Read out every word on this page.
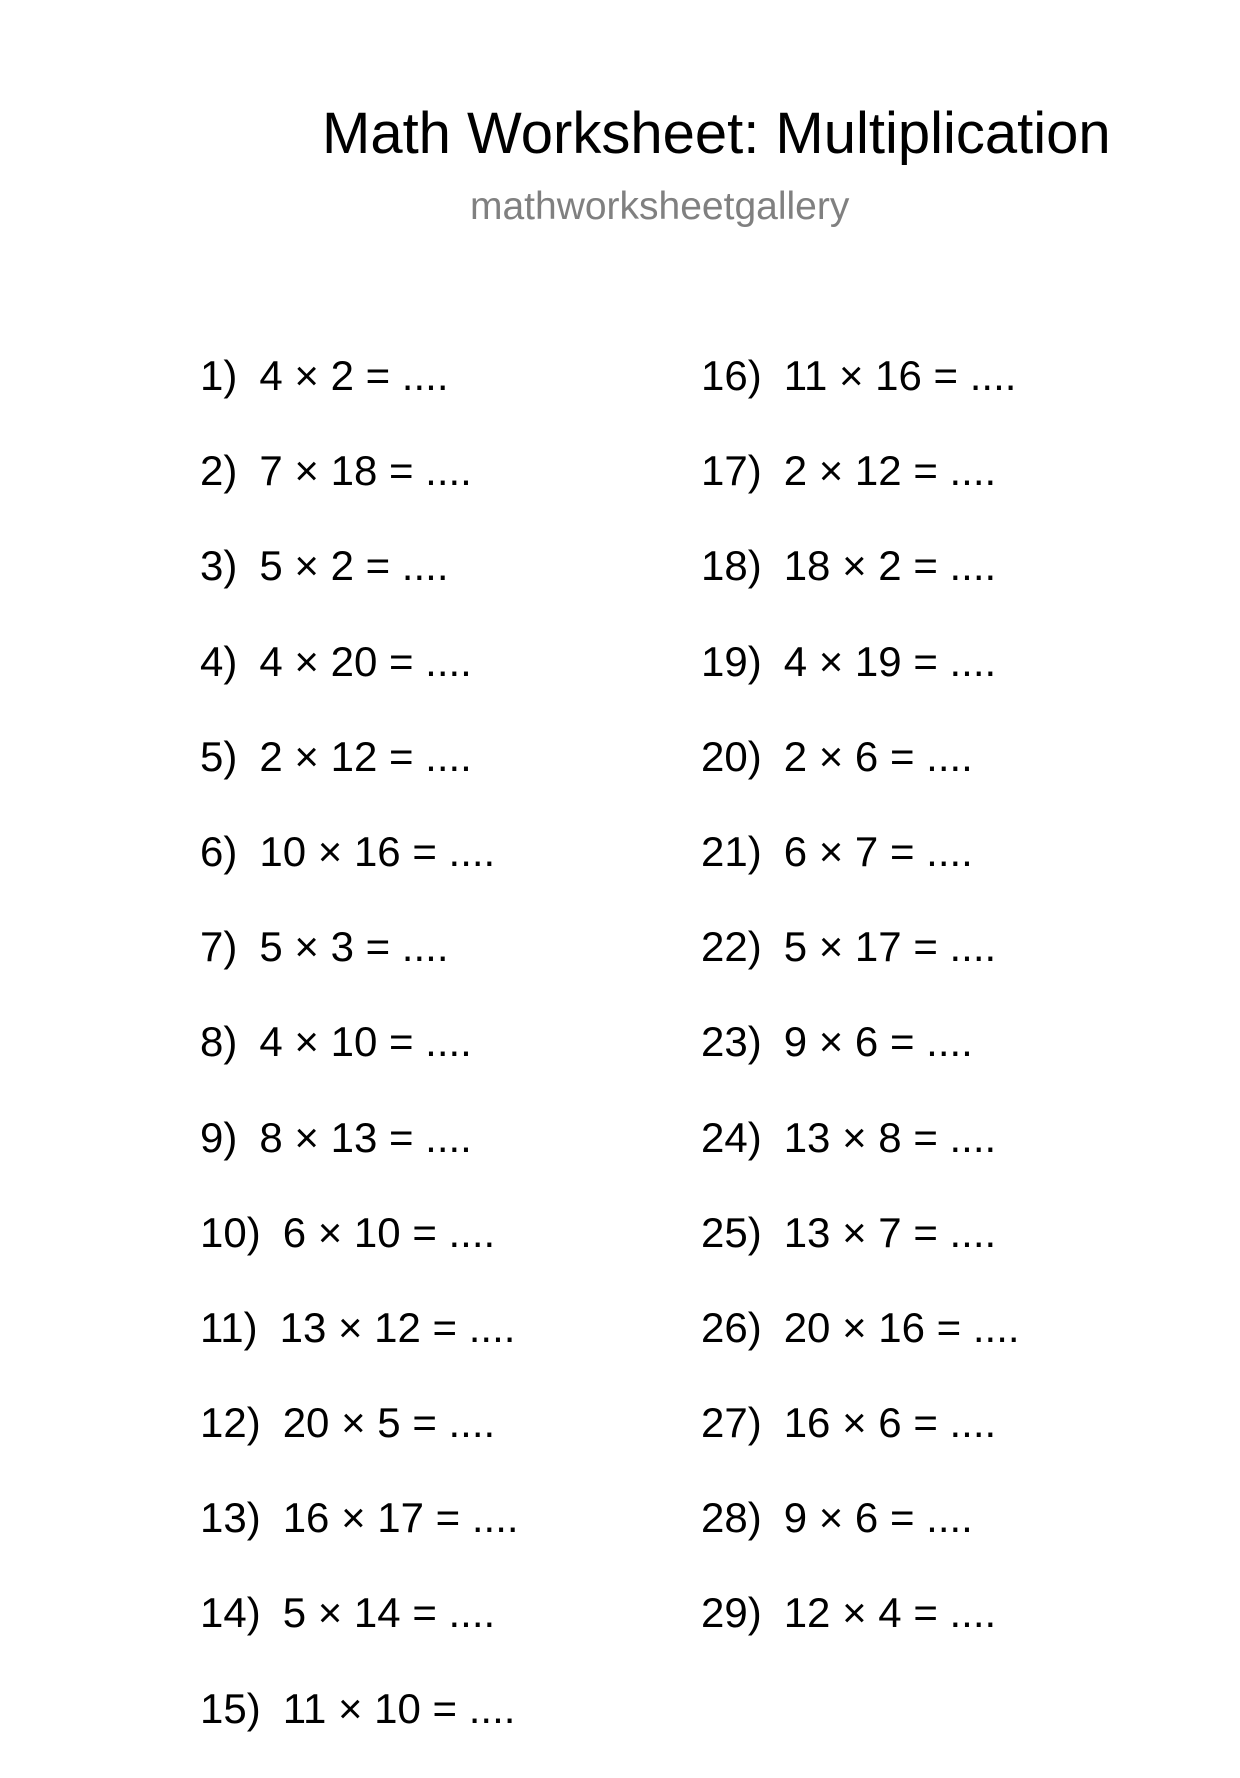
Math Worksheet: Multiplication
mathworksheetgallery
1) 4 × 2 = ....
2) 7 × 18 = ....
3) 5 × 2 = ....
4) 4 × 20 = ....
5) 2 × 12 = ....
6) 10 × 16 = ....
7) 5 × 3 = ....
8) 4 × 10 = ....
9) 8 × 13 = ....
10) 6 × 10 = ....
11) 13 × 12 = ....
12) 20 × 5 = ....
13) 16 × 17 = ....
14) 5 × 14 = ....
15) 11 × 10 = ....
16) 11 × 16 = ....
17) 2 × 12 = ....
18) 18 × 2 = ....
19) 4 × 19 = ....
20) 2 × 6 = ....
21) 6 × 7 = ....
22) 5 × 17 = ....
23) 9 × 6 = ....
24) 13 × 8 = ....
25) 13 × 7 = ....
26) 20 × 16 = ....
27) 16 × 6 = ....
28) 9 × 6 = ....
29) 12 × 4 = ....
